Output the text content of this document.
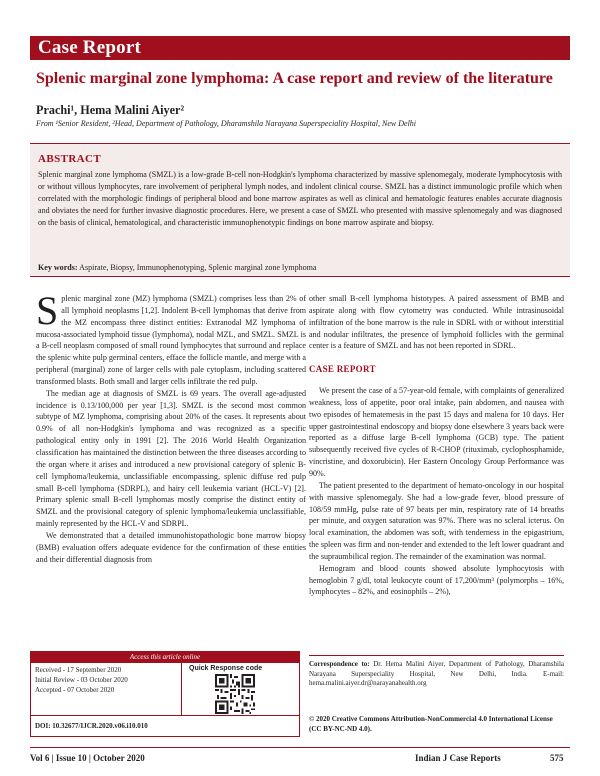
Case Report
Splenic marginal zone lymphoma: A case report and review of the literature
Prachi¹, Hema Malini Aiyer²
From ¹Senior Resident, ²Head, Department of Pathology, Dharamshila Narayana Superspeciality Hospital, New Delhi
ABSTRACT
Splenic marginal zone lymphoma (SMZL) is a low-grade B-cell non-Hodgkin's lymphoma characterized by massive splenomegaly, moderate lymphocytosis with or without villous lymphocytes, rare involvement of peripheral lymph nodes, and indolent clinical course. SMZL has a distinct immunologic profile which when correlated with the morphologic findings of peripheral blood and bone marrow aspirates as well as clinical and hematologic features enables accurate diagnosis and obviates the need for further invasive diagnostic procedures. Here, we present a case of SMZL who presented with massive splenomegaly and was diagnosed on the basis of clinical, hematological, and characteristic immunophenotypic findings on bone marrow aspirate and biopsy.
Key words: Aspirate, Biopsy, Immunophenotyping, Splenic marginal zone lymphoma

Splenic marginal zone (MZ) lymphoma (SMZL) comprises less than 2% of all lymphoid neoplasms [1,2]. Indolent B-cell lymphomas that derive from the MZ encompass three distinct entities: Extranodal MZ lymphoma of mucosa-associated lymphoid tissue (lymphoma), nodal MZL, and SMZL. SMZL is a B-cell neoplasm composed of small round lymphocytes that surround and replace the splenic white pulp germinal centers, efface the follicle mantle, and merge with a peripheral (marginal) zone of larger cells with pale cytoplasm, including scattered transformed blasts. Both small and larger cells infiltrate the red pulp.

The median age at diagnosis of SMZL is 69 years. The overall age-adjusted incidence is 0.13/100,000 per year [1,3]. SMZL is the second most common subtype of MZ lymphoma, comprising about 20% of the cases. It represents about 0.9% of all non-Hodgkin's lymphoma and was recognized as a specific pathological entity only in 1991 [2]. The 2016 World Health Organization classification has maintained the distinction between the three diseases according to the organ where it arises and introduced a new provisional category of splenic B-cell lymphoma/leukemia, unclassifiable encompassing, splenic diffuse red pulp small B-cell lymphoma (SDRPL), and hairy cell leukemia variant (HCL-V) [2]. Primary splenic small B-cell lymphomas mostly comprise the distinct entity of SMZL and the provisional category of splenic lymphoma/leukemia unclassifiable, mainly represented by the HCL-V and SDRPL.

We demonstrated that a detailed immunohistopathologic bone marrow biopsy (BMB) evaluation offers adequate evidence for the confirmation of these entities and their differential diagnosis from

other small B-cell lymphoma histotypes. A paired assessment of BMB and aspirate along with flow cytometry was conducted. While intrasinusoidal infiltration of the bone marrow is the rule in SDRL with or without interstitial and nodular infiltrates, the presence of lymphoid follicles with the germinal center is a feature of SMZL and has not been reported in SDRL.

CASE REPORT

We present the case of a 57-year-old female, with complaints of generalized weakness, loss of appetite, poor oral intake, pain abdomen, and nausea with two episodes of hematemesis in the past 15 days and malena for 10 days. Her upper gastrointestinal endoscopy and biopsy done elsewhere 3 years back were reported as a diffuse large B-cell lymphoma (GCB) type. The patient subsequently received five cycles of R-CHOP (rituximab, cyclophosphamide, vincristine, and doxorubicin). Her Eastern Oncology Group Performance was 90%.

The patient presented to the department of hemato-oncology in our hospital with massive splenomegaly. She had a low-grade fever, blood pressure of 108/59 mmHg, pulse rate of 97 beats per min, respiratory rate of 14 breaths per minute, and oxygen saturation was 97%. There was no scleral icterus. On local examination, the abdomen was soft, with tenderness in the epigastrium, the spleen was firm and non-tender and extended to the left lower quadrant and the supraumbilical region. The remainder of the examination was normal.

Hemogram and blood counts showed absolute lymphocytosis with hemoglobin 7 g/dl, total leukocyte count of 17,200/mm³ (polymorphs – 16%, lymphocytes – 82%, and eosinophils – 2%),

Access this article online
Received - 17 September 2020
Initial Review - 03 October 2020
Accepted - 07 October 2020
Quick Response code
DOI: 10.32677/IJCR.2020.v06.i10.010
Correspondence to: Dr. Hema Malini Aiyer, Department of Pathology, Dharamshila Narayana Superspeciality Hospital, New Delhi, India. E-mail: hema.malini.aiyer.dr@narayanahealth.org
© 2020 Creative Commons Attribution-NonCommercial 4.0 International License (CC BY-NC-ND 4.0).
Vol 6 | Issue 10 | October 2020	Indian J Case Reports	575
